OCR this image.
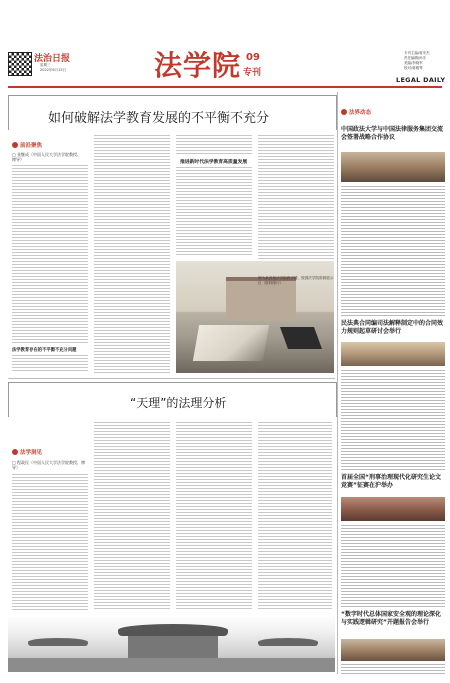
法治日报
星期三
2022年6月15日	法学院 09
专刊
专刊主编/蒋安杰
责任编辑/孙冬
美编/李晓军
校对/蒋雅琴
LEGAL DAILY
如何破解法学教育发展的不平衡不充分
前沿聚焦
□ 张继成（中国人民大学法学院教授、博导）
法学教育存在的不平衡不充分问题
推进新时代法学教育高质量发展
图为某高校法学院教学楼，校园法学院资源展示区（资料图片）
“天理”的法理分析
法学洞见
□ 程政民（中国人民大学法学院教授、博导）
法界动态
中国政法大学与中国法律服务集团交流会签署战略合作协议
民法典合同编司法解释制定中的合同效力规则起草研讨会举行
首届全国“刑事治理现代化研究生论文竞赛”征赛在沪举办
“数字时代总体国家安全观的理论深化与实践逻辑研究”开题报告会举行
